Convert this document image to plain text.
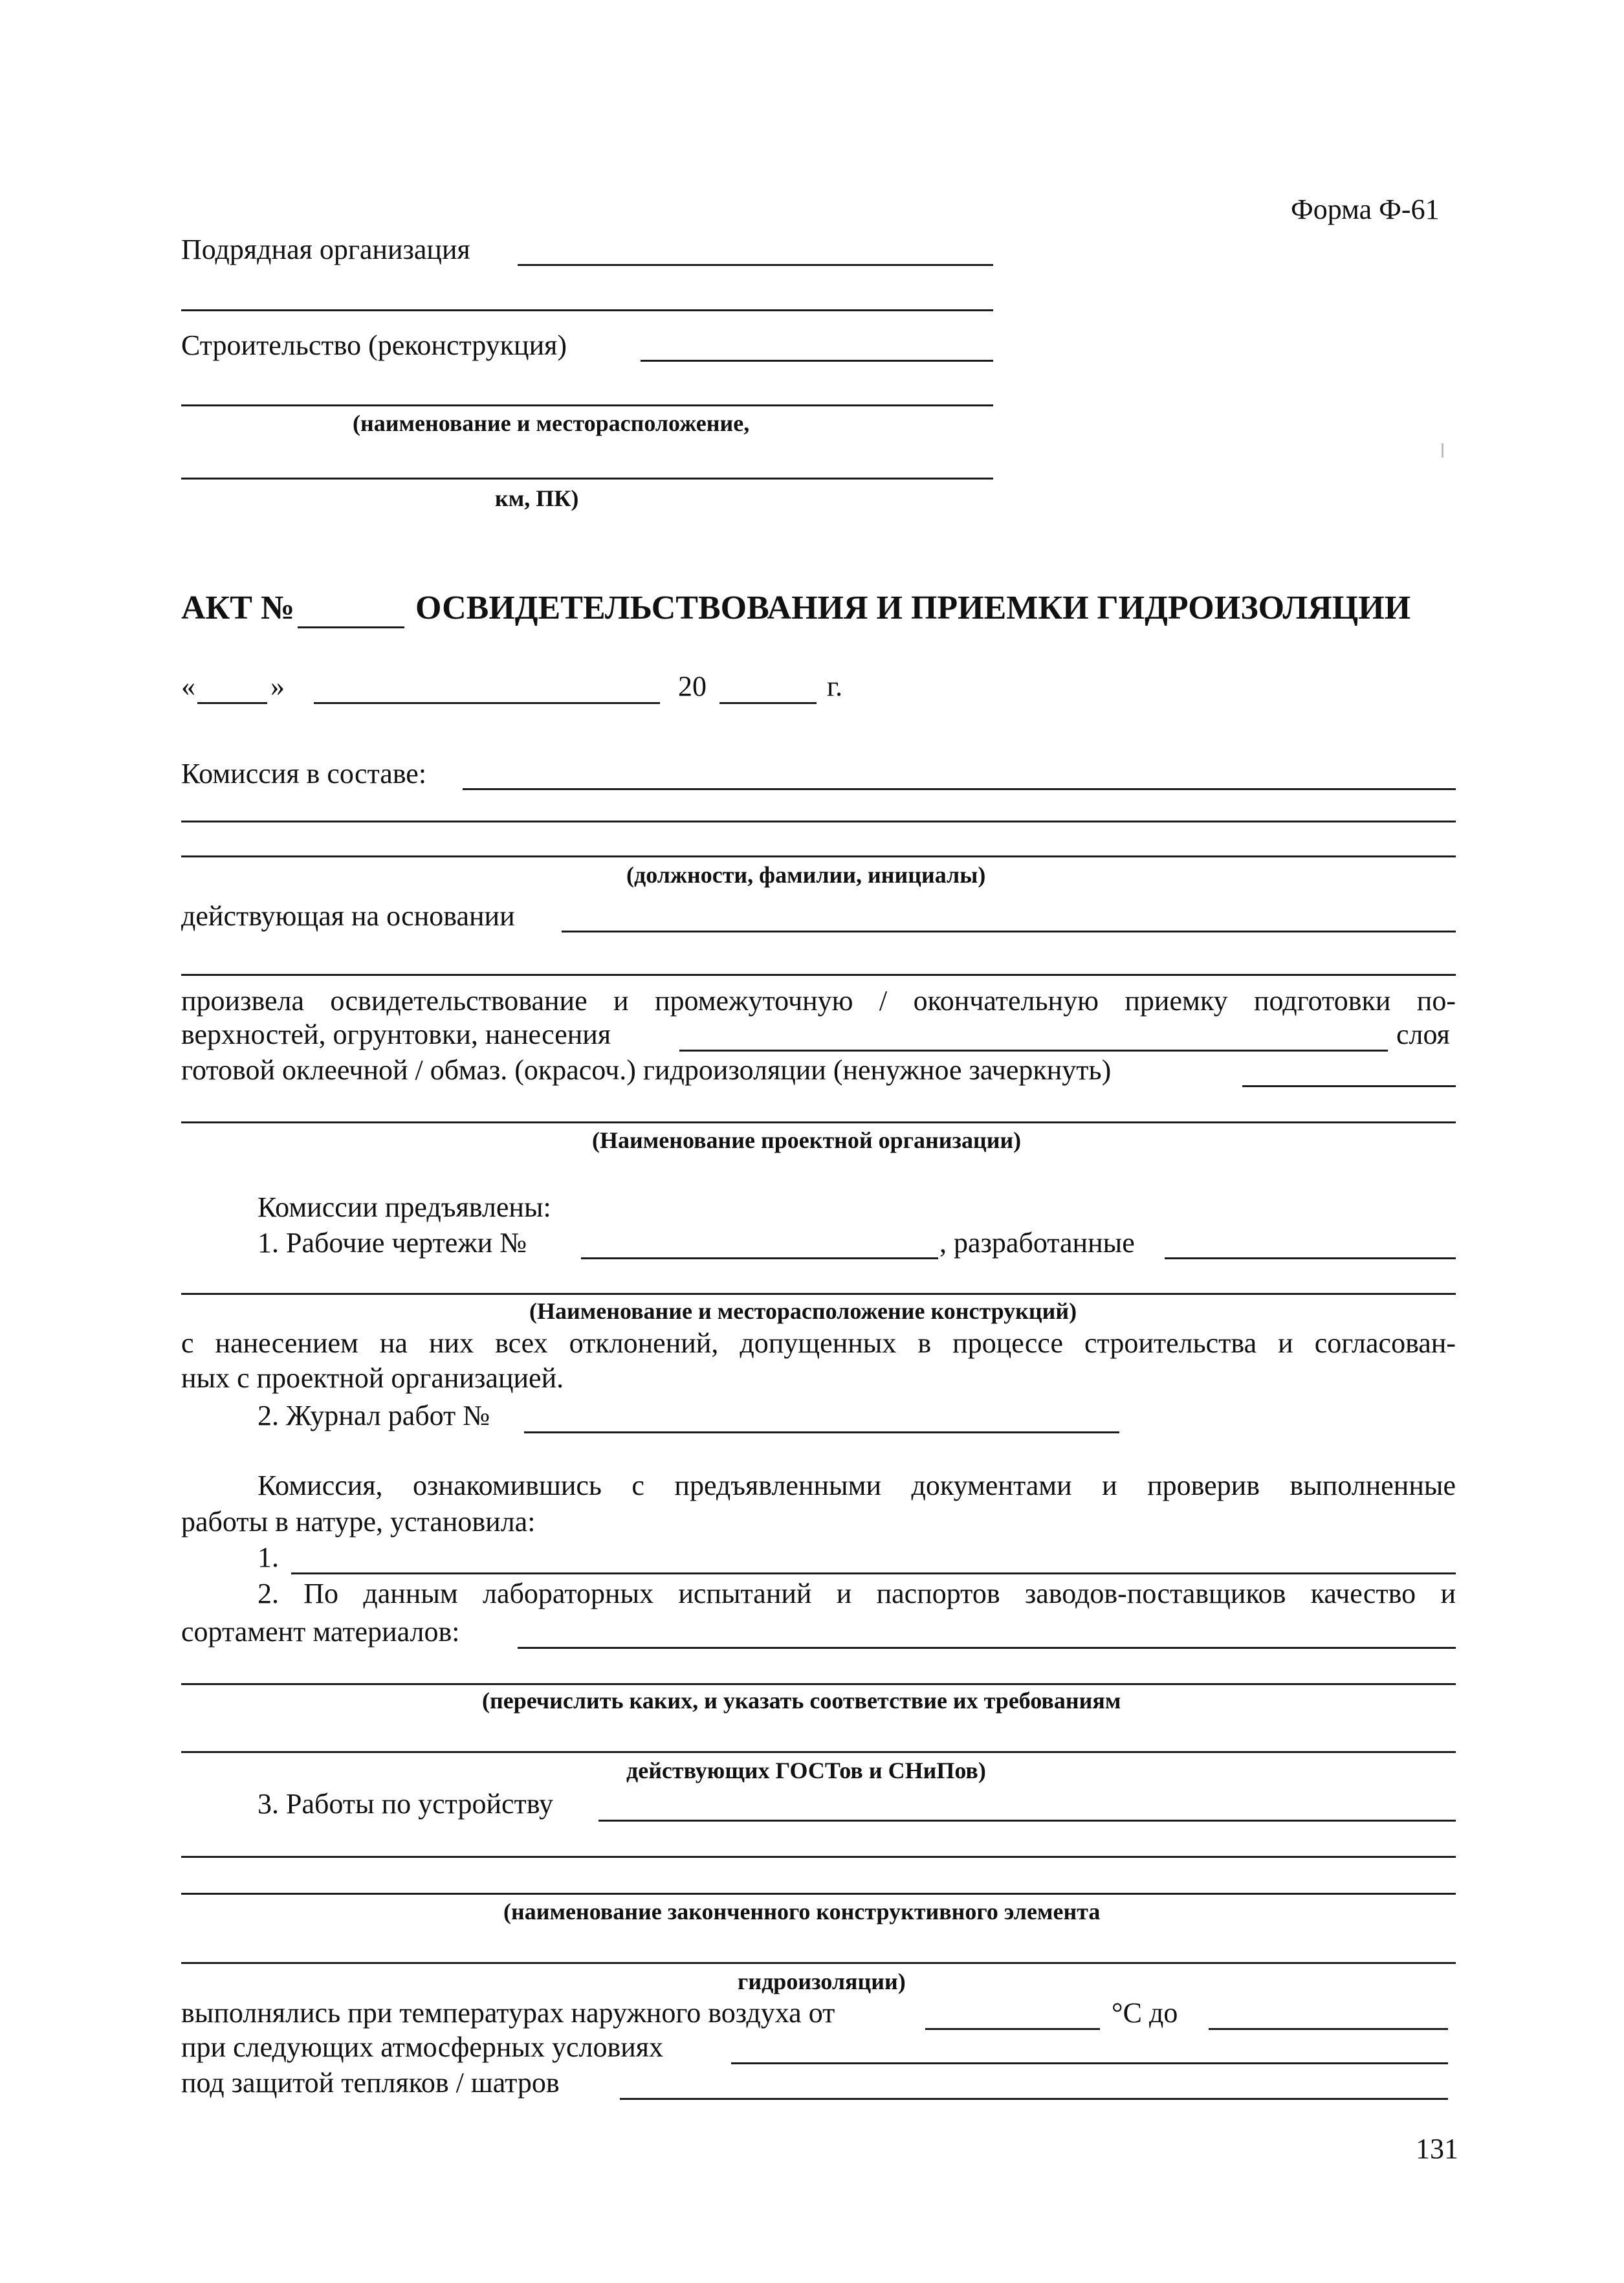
Форма Ф-61
Подрядная организация
Строительство (реконструкция)
(наименование и месторасположение,
км, ПК)
АКТ №	ОСВИДЕТЕЛЬСТВОВАНИЯ И ПРИЕМКИ ГИДРОИЗОЛЯЦИИ
«	»	20	г.
Комиссия в составе:
(должности, фамилии, инициалы)
действующая на основании
произвела освидетельствование и промежуточную / окончательную приемку подготовки по-
верхностей, огрунтовки, нанесения	слоя
готовой оклеечной / обмаз. (окрасоч.) гидроизоляции (ненужное зачеркнуть)
(Наименование проектной организации)
Комиссии предъявлены:
1. Рабочие чертежи №	, разработанные
(Наименование и месторасположение конструкций)
с нанесением на них всех отклонений, допущенных в процессе строительства и согласован-
ных с проектной организацией.
2. Журнал работ №
Комиссия, ознакомившись с предъявленными документами и проверив выполненные
работы в натуре, установила:
1.
2. По данным лабораторных испытаний и паспортов заводов-поставщиков качество и
сортамент материалов:
(перечислить каких, и указать соответствие их требованиям
действующих ГОСТов и СНиПов)
3. Работы по устройству
(наименование законченного конструктивного элемента
гидроизоляции)
выполнялись при температурах наружного воздуха от	°С до
при следующих атмосферных условиях
под защитой тепляков / шатров
131
